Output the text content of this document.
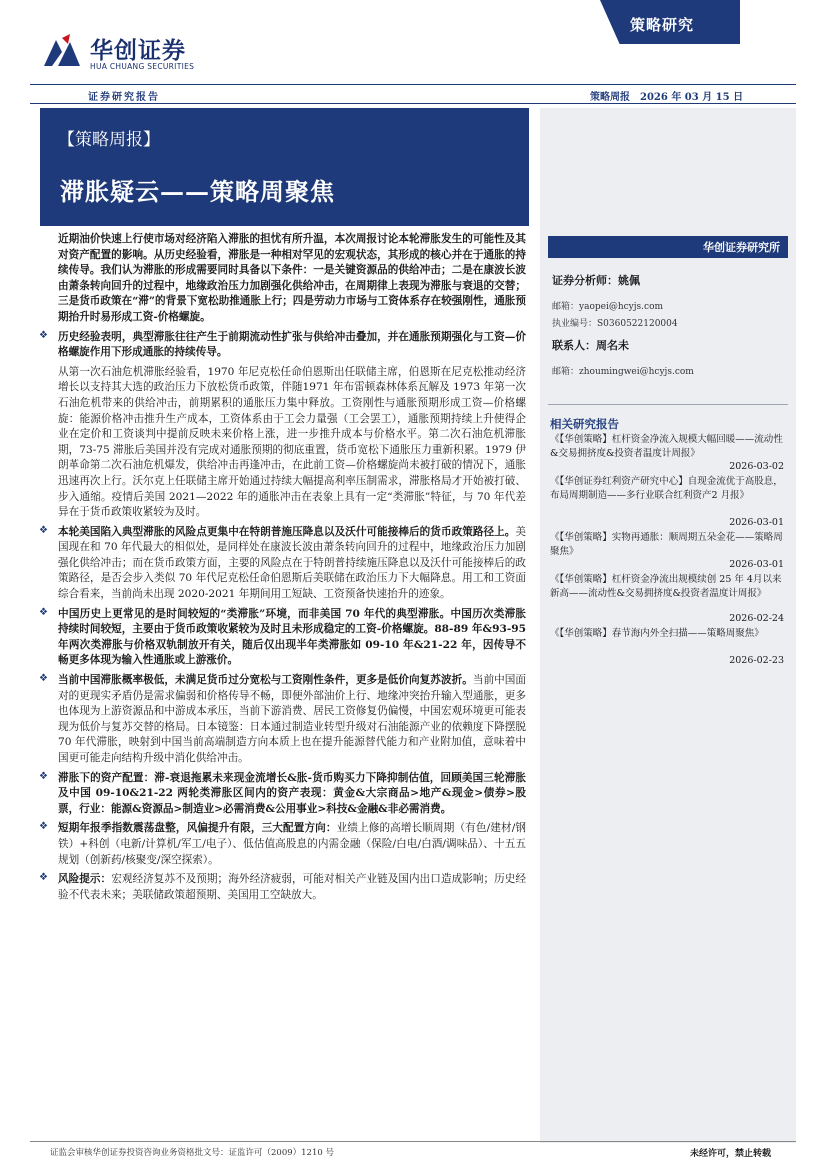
华创证券
HUA CHUANG SECURITIES
策略研究
证券研究报告	策略周报　2026 年 03 月 15 日
【策略周报】
滞胀疑云——策略周聚焦
华创证券研究所
证券分析师：姚佩
邮箱：yaopei@hcyjs.com
执业编号：S0360522120004
联系人：周名未
邮箱：zhoumingwei@hcyjs.com
相关研究报告
《【华创策略】杠杆资金净流入规模大幅回暖——流动性&交易拥挤度&投资者温度计周报》
2026-03-02
《【华创证券红利资产研究中心】自现金流优于高股息，布局周期制造——多行业联合红利资产2 月报》
2026-03-01
《【华创策略】实物再通胀：顺周期五朵金花——策略周聚焦》
2026-03-01
《【华创策略】杠杆资金净流出规模续创 25 年 4月以来新高——流动性&交易拥挤度&投资者温度计周报》
2026-02-24
《【华创策略】春节海内外全扫描——策略周聚焦》
2026-02-23

近期油价快速上行使市场对经济陷入滞胀的担忧有所升温，本次周报讨论本轮滞胀发生的可能性及其对资产配置的影响。从历史经验看，滞胀是一种相对罕见的宏观状态，其形成的核心并在于通胀的持续传导。我们认为滞胀的形成需要同时具备以下条件：一是关键资源品的供给冲击；二是在康波长波由萧条转向回升的过程中，地缘政治压力加剧强化供给冲击，在周期律上表现为滞胀与衰退的交替；三是货币政策在“滞”的背景下宽松助推通胀上行；四是劳动力市场与工资体系存在较强刚性，通胀预期抬升时易形成工资-价格螺旋。

❖ 历史经验表明，典型滞胀往往产生于前期流动性扩张与供给冲击叠加，并在通胀预期强化与工资—价格螺旋作用下形成通胀的持续传导。

从第一次石油危机滞胀经验看，1970 年尼克松任命伯恩斯出任联储主席，伯恩斯在尼克松推动经济增长以支持其大选的政治压力下放松货币政策，伴随1971 年布雷顿森林体系瓦解及 1973 年第一次石油危机带来的供给冲击，前期累积的通胀压力集中释放。工资刚性与通胀预期形成工资—价格螺旋：能源价格冲击推升生产成本，工资体系由于工会力量强（工会罢工），通胀预期持续上升使得企业在定价和工资谈判中提前反映未来价格上涨，进一步推升成本与价格水平。第二次石油危机滞胀期，73-75 滞胀后美国并没有完成对通胀预期的彻底重置，货币宽松下通胀压力重新积累。1979 伊朗革命第二次石油危机爆发，供给冲击再逢冲击，在此前工资—价格螺旋尚未被打破的情况下，通胀迅速再次上行。沃尔克上任联储主席开始通过持续大幅提高利率压制需求，滞胀格局才开始被打破、步入通缩。疫情后美国 2021—2022 年的通胀冲击在表象上具有一定“类滞胀”特征，与 70 年代差异在于货币政策收紧较为及时。

❖ 本轮美国陷入典型滞胀的风险点更集中在特朗普施压降息以及沃什可能接棒后的货币政策路径上。美国现在和 70 年代最大的相似处，是同样处在康波长波由萧条转向回升的过程中，地缘政治压力加剧强化供给冲击；而在货币政策方面，主要的风险点在于特朗普持续施压降息以及沃什可能接棒后的政策路径，是否会步入类似 70 年代尼克松任命伯恩斯后美联储在政治压力下大幅降息。用工和工资面综合看来，当前尚未出现 2020-2021 年期间用工短缺、工资预备快速抬升的迹象。

❖ 中国历史上更常见的是时间较短的“类滞胀”环境，而非美国 70 年代的典型滞胀。中国历次类滞胀持续时间较短，主要由于货币政策收紧较为及时且未形成稳定的工资-价格螺旋。88-89 年&93-95 年两次类滞胀与价格双轨制放开有关，随后仅出现半年类滞胀如 09-10 年&21-22 年，因传导不畅更多体现为输入性通胀或上游涨价。

❖ 当前中国滞胀概率极低，未满足货币过分宽松与工资刚性条件，更多是低价向复苏波折。当前中国面对的更现实矛盾仍是需求偏弱和价格传导不畅，即便外部油价上行、地缘冲突抬升输入型通胀，更多也体现为上游资源品和中游成本承压，当前下游消费、居民工资修复仍偏慢，中国宏观环境更可能表现为低价与复苏交替的格局。日本镜鉴：日本通过制造业转型升级对石油能源产业的依赖度下降摆脱 70 年代滞胀，映射到中国当前高端制造方向本质上也在提升能源替代能力和产业附加值，意味着中国更可能走向结构升级中消化供给冲击。

❖ 滞胀下的资产配置：滞-衰退拖累未来现金流增长&胀-货币购买力下降抑制估值，回顾美国三轮滞胀及中国 09-10&21-22 两轮类滞胀区间内的资产表现：黄金&大宗商品>地产&现金>债券>股票，行业：能源&资源品>制造业>必需消费&公用事业>科技&金融&非必需消费。

❖ 短期年报季指数震荡盘整，风偏提升有限，三大配置方向：业绩上修的高增长顺周期（有色/建材/钢铁）+科创（电新/计算机/军工/电子）、低估值高股息的内需金融（保险/白电/白酒/调味品）、十五五规划（创新药/核聚变/深空探索）。

❖ 风险提示：宏观经济复苏不及预期；海外经济疲弱，可能对相关产业链及国内出口造成影响；历史经验不代表未来；美联储政策超预期、美国用工空缺放大。

证监会审核华创证券投资咨询业务资格批文号：证监许可（2009）1210 号	未经许可，禁止转载
